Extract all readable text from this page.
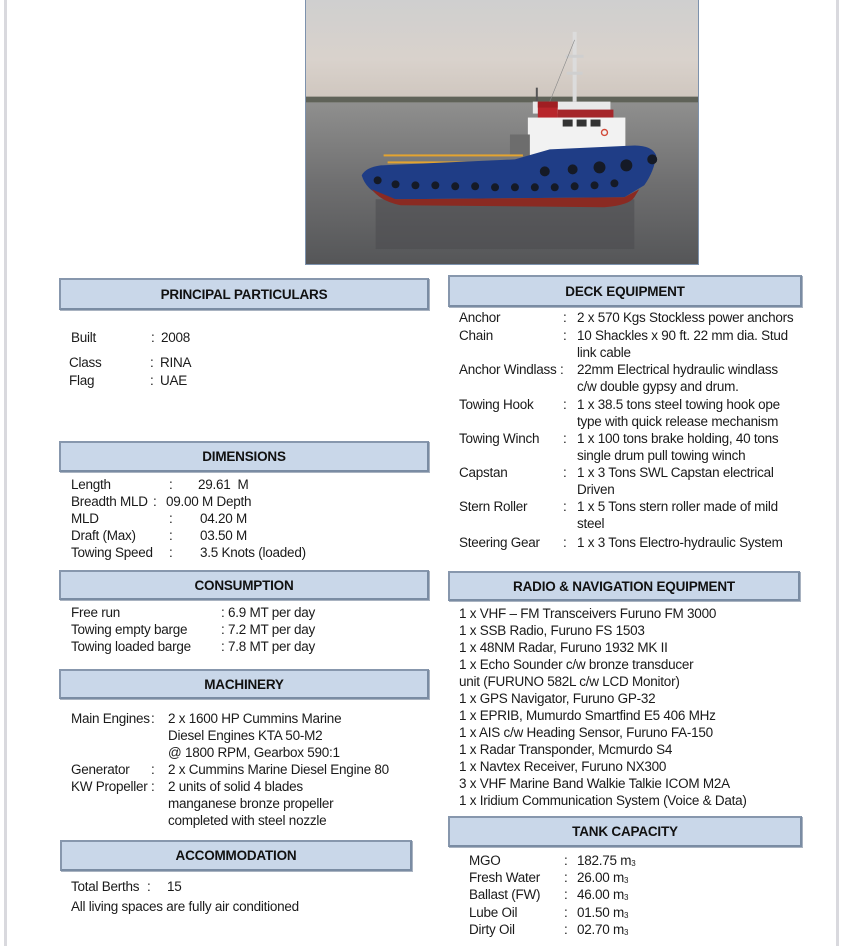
PRINCIPAL PARTICULARS
Built	: 2008
Class	: RINA
Flag	: UAE
DIMENSIONS
Length	: 29.61  M
Breadth MLD : 09.00 M Depth
MLD	: 04.20 M
Draft (Max) : 03.50 M
Towing Speed : 3.5 Knots (loaded)
CONSUMPTION
Free run	: 6.9 MT per day
Towing empty barge : 7.2 MT per day
Towing loaded barge : 7.8 MT per day
MACHINERY
Main Engines : 2 x 1600 HP Cummins Marine
Diesel Engines KTA 50-M2
@ 1800 RPM, Gearbox 590:1
Generator : 2 x Cummins Marine Diesel Engine 80
KW Propeller : 2 units of solid 4 blades
manganese bronze propeller
completed with steel nozzle
ACCOMMODATION
Total Berths : 15
All living spaces are fully air conditioned
DECK EQUIPMENT
Anchor	: 2 x 570 Kgs Stockless power anchors
Chain	: 10 Shackles x 90 ft. 22 mm dia. Stud
link cable
Anchor Windlass : 22mm Electrical hydraulic windlass
c/w double gypsy and drum.
Towing Hook : 1 x 38.5 tons steel towing hook ope
type with quick release mechanism
Towing Winch : 1 x 100 tons brake holding, 40 tons
single drum pull towing winch
Capstan	: 1 x 3 Tons SWL Capstan electrical
Driven
Stern Roller	: 1 x 5 Tons stern roller made of mild
steel
Steering Gear : 1 x 3 Tons Electro-hydraulic System
RADIO & NAVIGATION EQUIPMENT
1 x VHF – FM Transceivers Furuno FM 3000
1 x SSB Radio, Furuno FS 1503
1 x 48NM Radar, Furuno 1932 MK II
1 x Echo Sounder c/w bronze transducer
unit (FURUNO 582L c/w LCD Monitor)
1 x GPS Navigator, Furuno GP-32
1 x EPRIB, Mumurdo Smartfind E5 406 MHz
1 x AIS c/w Heading Sensor, Furuno FA-150
1 x Radar Transponder, Mcmurdo S4
1 x Navtex Receiver, Furuno NX300
3 x VHF Marine Band Walkie Talkie ICOM M2A
1 x Iridium Communication System (Voice & Data)
TANK CAPACITY
MGO	: 182.75 $m_3$
Fresh Water : 26.00 $m_3$
Ballast (FW) : 46.00 $m_3$
Lube Oil	: 01.50 $m_3$
Dirty Oil	: 02.70 $m_3$
